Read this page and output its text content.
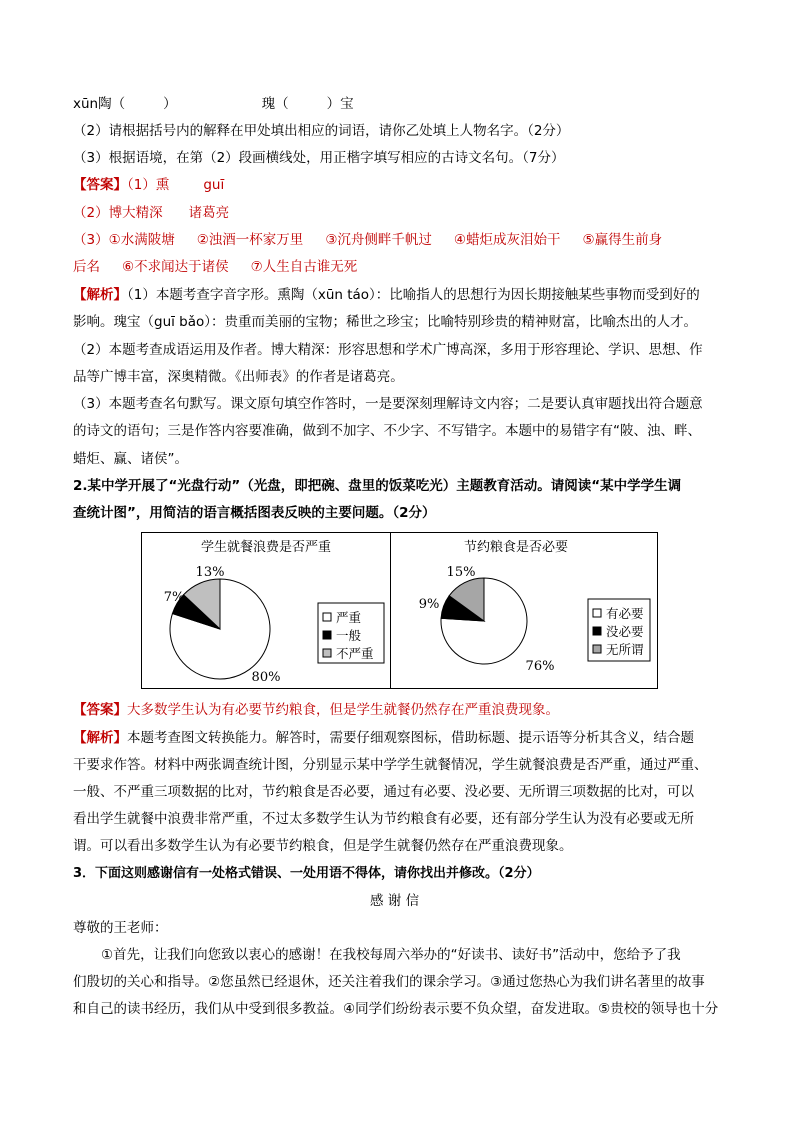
xūn陶（	）	瑰（	）宝
（2）请根据括号内的解释在甲处填出相应的词语，请你乙处填上人物名字。（2分）
（3）根据语境，在第（2）段画横线处，用正楷字填写相应的古诗文名句。（7分）
【答案】（1）熏	guī
（2）博大精深 诸葛亮
（3）①水满陂塘 ②浊酒一杯家万里 ③沉舟侧畔千帆过 ④蜡炬成灰泪始干 ⑤赢得生前身
后名 ⑥不求闻达于诸侯 ⑦人生自古谁无死
【解析】（1）本题考查字音字形。熏陶（xūn táo）：比喻指人的思想行为因长期接触某些事物而受到好的
影响。瑰宝（guī bǎo）：贵重而美丽的宝物；稀世之珍宝；比喻特别珍贵的精神财富，比喻杰出的人才。
（2）本题考查成语运用及作者。博大精深：形容思想和学术广博高深，多用于形容理论、学识、思想、作
品等广博丰富，深奥精微。《出师表》的作者是诸葛亮。
（3）本题考查名句默写。课文原句填空作答时，一是要深刻理解诗文内容；二是要认真审题找出符合题意
的诗文的语句；三是作答内容要准确，做到不加字、不少字、不写错字。本题中的易错字有“陂、浊、畔、
蜡炬、赢、诸侯”。
2.某中学开展了“光盘行动”（光盘，即把碗、盘里的饭菜吃光）主题教育活动。请阅读“某中学学生调
查统计图”，用简洁的语言概括图表反映的主要问题。（2分）
学生就餐浪费是否严重
80%
7%
13%
严重
一般
不严重
节约粮食是否必要
76%
9%
15%
有必要
没必要
无所谓
【答案】大多数学生认为有必要节约粮食，但是学生就餐仍然存在严重浪费现象。
【解析】本题考查图文转换能力。解答时，需要仔细观察图标，借助标题、提示语等分析其含义，结合题
干要求作答。材料中两张调查统计图，分别显示某中学学生就餐情况，学生就餐浪费是否严重，通过严重、
一般、不严重三项数据的比对，节约粮食是否必要，通过有必要、没必要、无所谓三项数据的比对，可以
看出学生就餐中浪费非常严重，不过太多数学生认为节约粮食有必要，还有部分学生认为没有必要或无所
谓。可以看出多数学生认为有必要节约粮食，但是学生就餐仍然存在严重浪费现象。
3．下面这则感谢信有一处格式错误、一处用语不得体，请你找出并修改。（2分）
感 谢 信
尊敬的王老师：
①首先，让我们向您致以衷心的感谢！在我校每周六举办的“好读书、读好书”活动中，您给予了我
们殷切的关心和指导。②您虽然已经退休，还关注着我们的课余学习。③通过您热心为我们讲名著里的故事
和自己的读书经历，我们从中受到很多教益。④同学们纷纷表示要不负众望，奋发进取。⑤贵校的领导也十分
